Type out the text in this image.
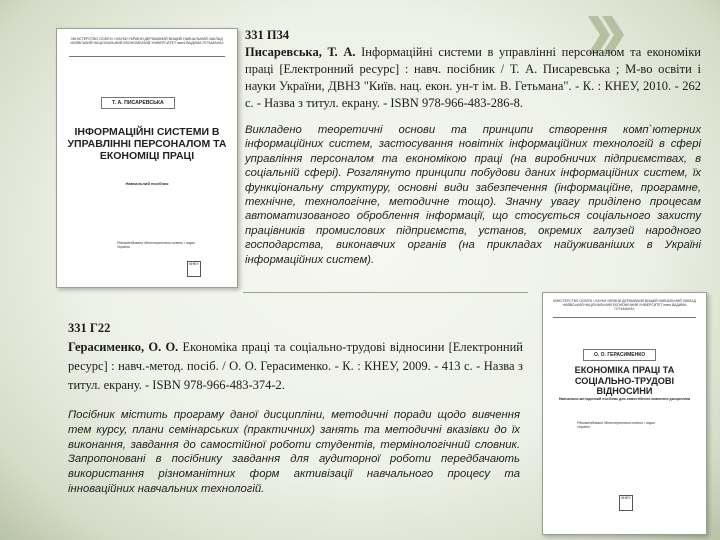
МІНІСТЕРСТВО ОСВІТИ І НАУКИ УКРАЇНИ ДЕРЖАВНИЙ ВИЩИЙ НАВЧАЛЬНИЙ ЗАКЛАД «КИЇВСЬКИЙ НАЦІОНАЛЬНИЙ ЕКОНОМІЧНИЙ УНІВЕРСИТЕТ імені ВАДИМА ГЕТЬМАНА»
Т. А. ПИСАРЕВСЬКА
ІНФОРМАЦІЙНІ СИСТЕМИ В УПРАВЛІННІ ПЕРСОНАЛОМ ТА ЕКОНОМІЦІ ПРАЦІ
Навчальний посібник
Рекомендовано Міністерством освіти і науки України
КНЕУ
331 П34
Писаревська, Т. А. Інформаційні системи в управлінні персоналом та економіки праці [Електронний ресурс] : навч. посібник / Т. А. Писаревська ; М-во освіти і науки України, ДВНЗ "Київ. нац. екон. ун-т ім. В. Гетьмана". - К. : КНЕУ, 2010. - 262 с. - Назва з титул. екрану. - ISBN 978-966-483-286-8.
Викладено теоретичні основи та принципи створення комп`ютерних інформаційних систем, застосування новітніх інформаційних технологій в сфері управління персоналом та економікою праці (на виробничих підприємствах, в соціальній сфері). Розглянуто принципи побудови даних інформаційних систем, їх функціональну структуру, основні види забезпечення (інформаційне, програмне, технічне, технологічне, методичне тощо). Значну увагу приділено процесам автоматизованого оброблення інформації, що стосується соціального захисту працівників промислових підприємств, установ, окремих галузей народного господарства, виконавчих органів (на прикладах найуживаніших в Україні інформаційних систем).
331 Г22
Герасименко, О. О. Економіка праці та соціально-трудові відносини [Електронний ресурс] : навч.-метод. посіб. / О. О. Герасименко. - К. : КНЕУ, 2009. - 413 с. - Назва з титул. екрану. - ISBN 978-966-483-374-2.
Посібник містить програму даної дисципліни, методичні поради щодо вивчення тем курсу, плани семінарських (практичних) занять та методичні вказівки до їх виконання, завдання до самостійної роботи студентів, термінологічний словник. Запропоновані в посібнику завдання для аудиторної роботи передбачають використання різноманітних форм активізації навчального процесу та інноваційних навчальних технологій.
МІНІСТЕРСТВО ОСВІТИ І НАУКИ УКРАЇНИ ДЕРЖАВНИЙ ВИЩИЙ НАВЧАЛЬНИЙ ЗАКЛАД «КИЇВСЬКИЙ НАЦІОНАЛЬНИЙ ЕКОНОМІЧНИЙ УНІВЕРСИТЕТ імені ВАДИМА ГЕТЬМАНА»
О. О. ГЕРАСИМЕНКО
ЕКОНОМІКА ПРАЦІ ТА СОЦІАЛЬНО-ТРУДОВІ ВІДНОСИНИ
Навчально-методичний посібник для самостійного вивчення дисципліни
Рекомендовано Міністерством освіти і науки України
КНЕУ
